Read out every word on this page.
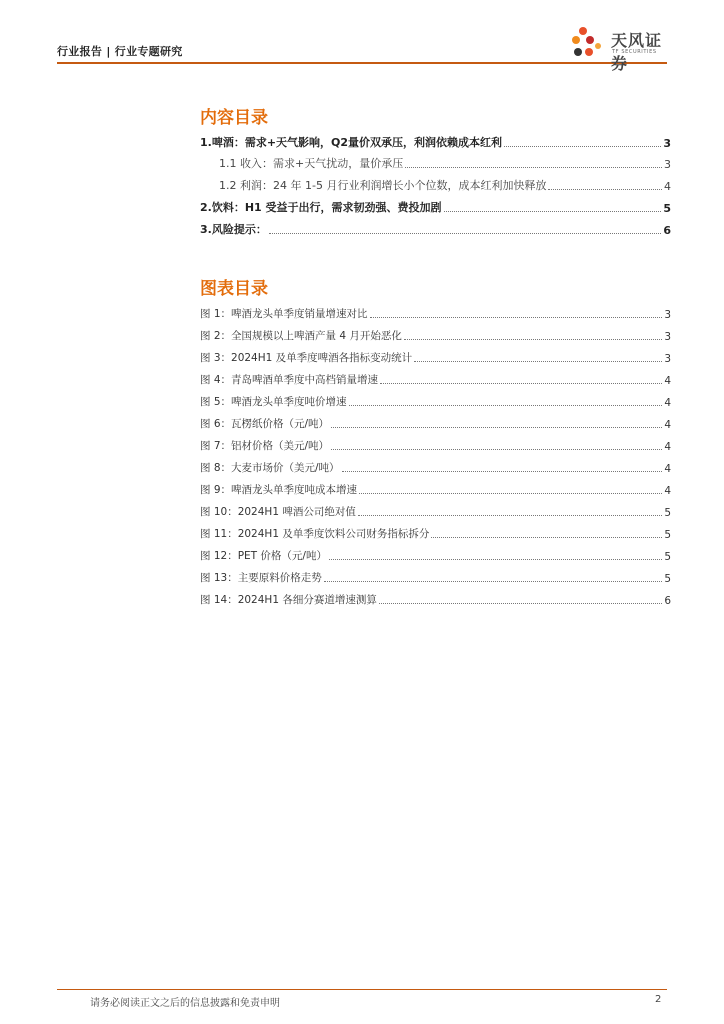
行业报告 | 行业专题研究
天风证券
TF SECURITIES
内容目录
1.啤酒：需求+天气影响，Q2量价双承压，利润依赖成本红利	3
1.1 收入：需求+天气扰动，量价承压	3
1.2 利润：24 年 1-5 月行业利润增长小个位数，成本红利加快释放	4
2.饮料：H1 受益于出行，需求韧劲强、费投加剧	5
3.风险提示：	6
图表目录
图 1：啤酒龙头单季度销量增速对比	3
图 2：全国规模以上啤酒产量 4 月开始恶化	3
图 3：2024H1 及单季度啤酒各指标变动统计	3
图 4：青岛啤酒单季度中高档销量增速	4
图 5：啤酒龙头单季度吨价增速	4
图 6：瓦楞纸价格（元/吨）	4
图 7：铝材价格（美元/吨）	4
图 8：大麦市场价（美元/吨）	4
图 9：啤酒龙头单季度吨成本增速	4
图 10：2024H1 啤酒公司绝对值	5
图 11：2024H1 及单季度饮料公司财务指标拆分	5
图 12：PET 价格（元/吨）	5
图 13：主要原料价格走势	5
图 14：2024H1 各细分赛道增速测算	6
请务必阅读正文之后的信息披露和免责申明	2
